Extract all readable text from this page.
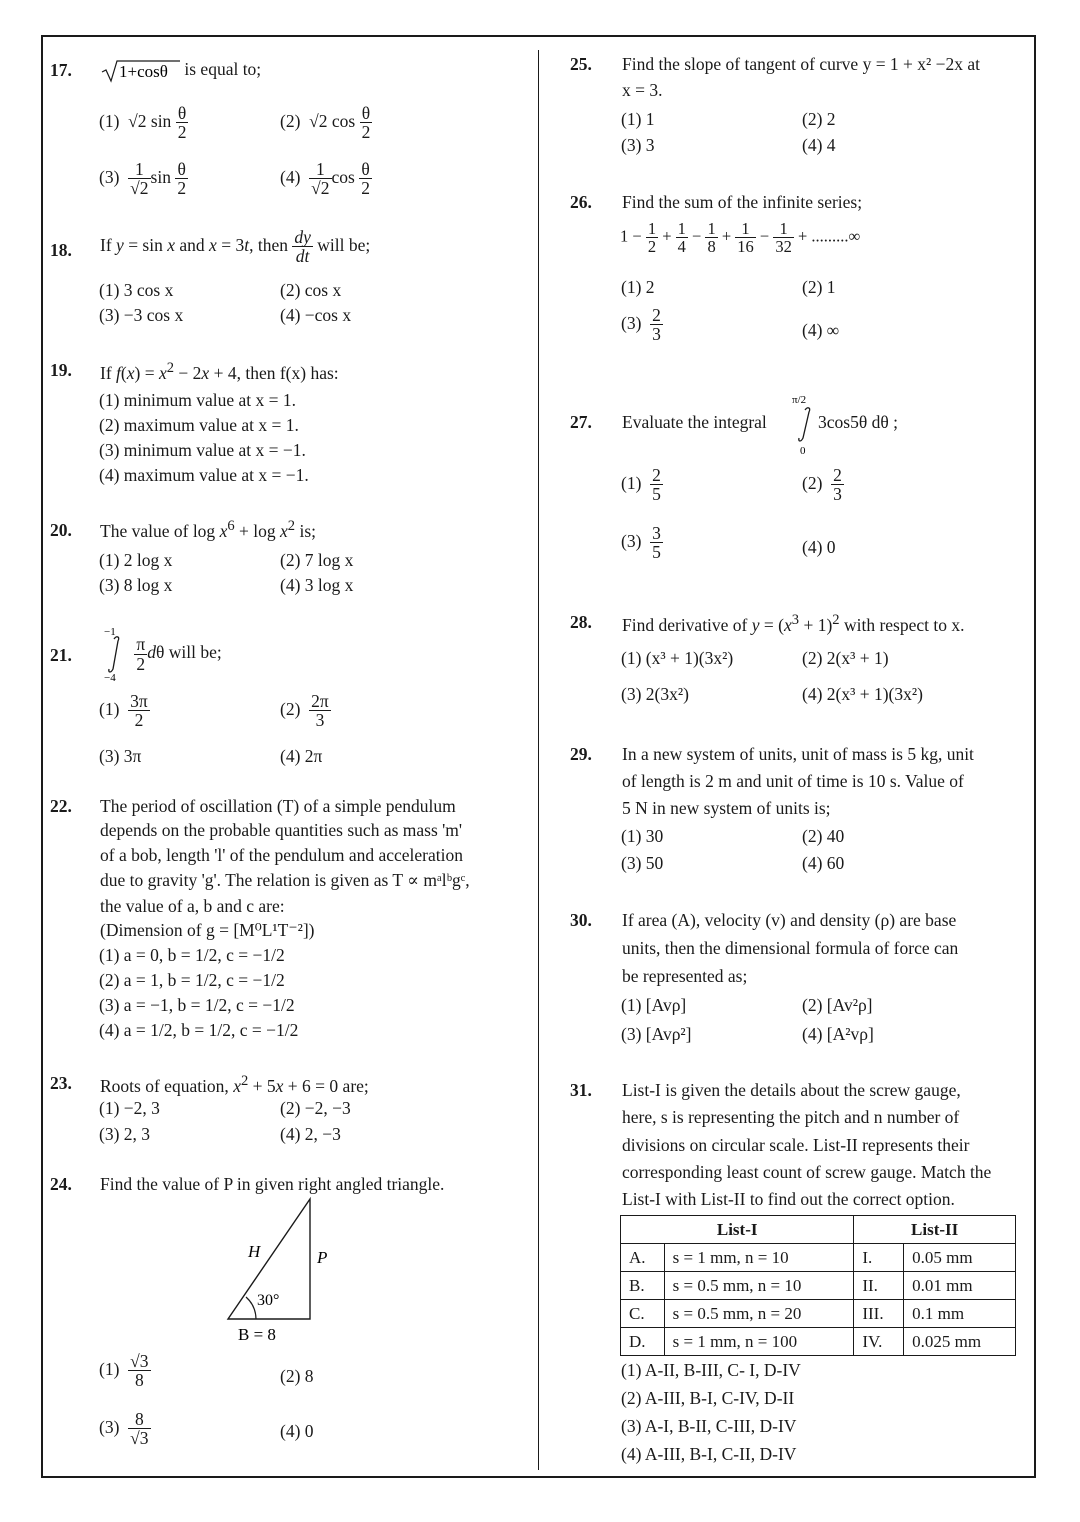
17.	1+cosθ is equal to;
(1)  √2 $\sin \frac{\theta}{2}$	(2)  √2 $\cos \frac{\theta}{2}$
$(3) \frac{1}{√2}$ $\sin \frac{\theta}{2}$	$(4) \frac{1}{√2}$ $\cos \frac{\theta}{2}$
18. If y = sin x and x = 3t, then $\frac{dy}{dt}$ will be;
(1) 3 cos x	(2) cos x
(3) −3 cos x	(4) −cos x
19. If $f(x) = x^2 - 2x + 4$, then f(x) has:
(1) minimum value at x = 1.
(2) maximum value at x = 1.
(3) minimum value at x = −1.
(4) maximum value at x = −1.
20. The value of $\log x^6 + \log x^2$ is;
(1) 2 log x	(2) 7 log x
(3) 8 log x	(4) 3 log x
21.
−1
−4

$\frac{\pi}{2}$ dθ will be;
$(1) \frac{3\pi}{2}$	$(2) \frac{2\pi}{3}$
(3) 3π	(4) 2π
22. The period of oscillation (T) of a simple pendulum
depends on the probable quantities such as mass 'm'
of a bob, length 'l' of the pendulum and acceleration
due to gravity 'g'. The relation is given as T ∝ mᵃlᵇgᶜ,
the value of a, b and c are:
(Dimension of g = [M⁰L¹T⁻²])
(1) a = 0, b = 1/2, c = −1/2
(2) a = 1, b = 1/2, c = −1/2
(3) a = −1, b = 1/2, c = −1/2
(4) a = 1/2, b = 1/2, c = −1/2
23. Roots of equation, $x^2 + 5x + 6 = 0$ are;
(1) −2, 3	(2) −2, −3
(3) 2, 3	(4) 2, −3
24. Find the value of P in given right angled triangle.
H	P
30°
B = 8
$(1) \frac{√3}{8}$	(2) 8
$(3) \frac{8}{√3}$	(4) 0
25. Find the slope of tangent of curve y = 1 + x² −2x at
x = 3.
(1) 1	(2) 2
(3) 3	(4) 4
26. Find the sum of the infinite series;
$1 - \frac{1}{2} + \frac{1}{4} - \frac{1}{8} + \frac{1}{16} - \frac{1}{32}$ + .........∞
(1) 2	(2) 1
$(3) \frac{2}{3}$	(4) ∞
27. Evaluate the integral
π/2
0
3cos5θ dθ ;
$(1) \frac{2}{5}$	$(2) \frac{2}{3}$
$(3) \frac{3}{5}$	(4) 0
28. Find derivative of $y = (x^3 + 1)^2$ with respect to x.
(1) (x³ + 1)(3x²)	(2) 2(x³ + 1)
(3) 2(3x²)	(4) 2(x³ + 1)(3x²)
29. In a new system of units, unit of mass is 5 kg, unit
of length is 2 m and unit of time is 10 s. Value of
5 N in new system of units is;
(1) 30	(2) 40
(3) 50	(4) 60
30. If area (A), velocity (v) and density (ρ) are base
units, then the dimensional formula of force can
be represented as;
(1) [Avρ]	(2) [Av²ρ]
(3) [Avρ²]	(4) [A²vρ]
31. List-I is given the details about the screw gauge,
here, s is representing the pitch and n number of
divisions on circular scale. List-II represents their
corresponding least count of screw gauge. Match the
List-I with List-II to find out the correct option.
List-I		List-II	
A.	s = 1 mm, n = 10	I.	0.05 mm
B.	s = 0.5 mm, n = 10	II.	0.01 mm
C.	s = 0.5 mm, n = 20	III.	0.1 mm
D.	s = 1 mm, n = 100	IV.	0.025 mm
(1) A-II, B-III, C- I, D-IV
(2) A-III, B-I, C-IV, D-II
(3) A-I, B-II, C-III, D-IV
(4) A-III, B-I, C-II, D-IV
